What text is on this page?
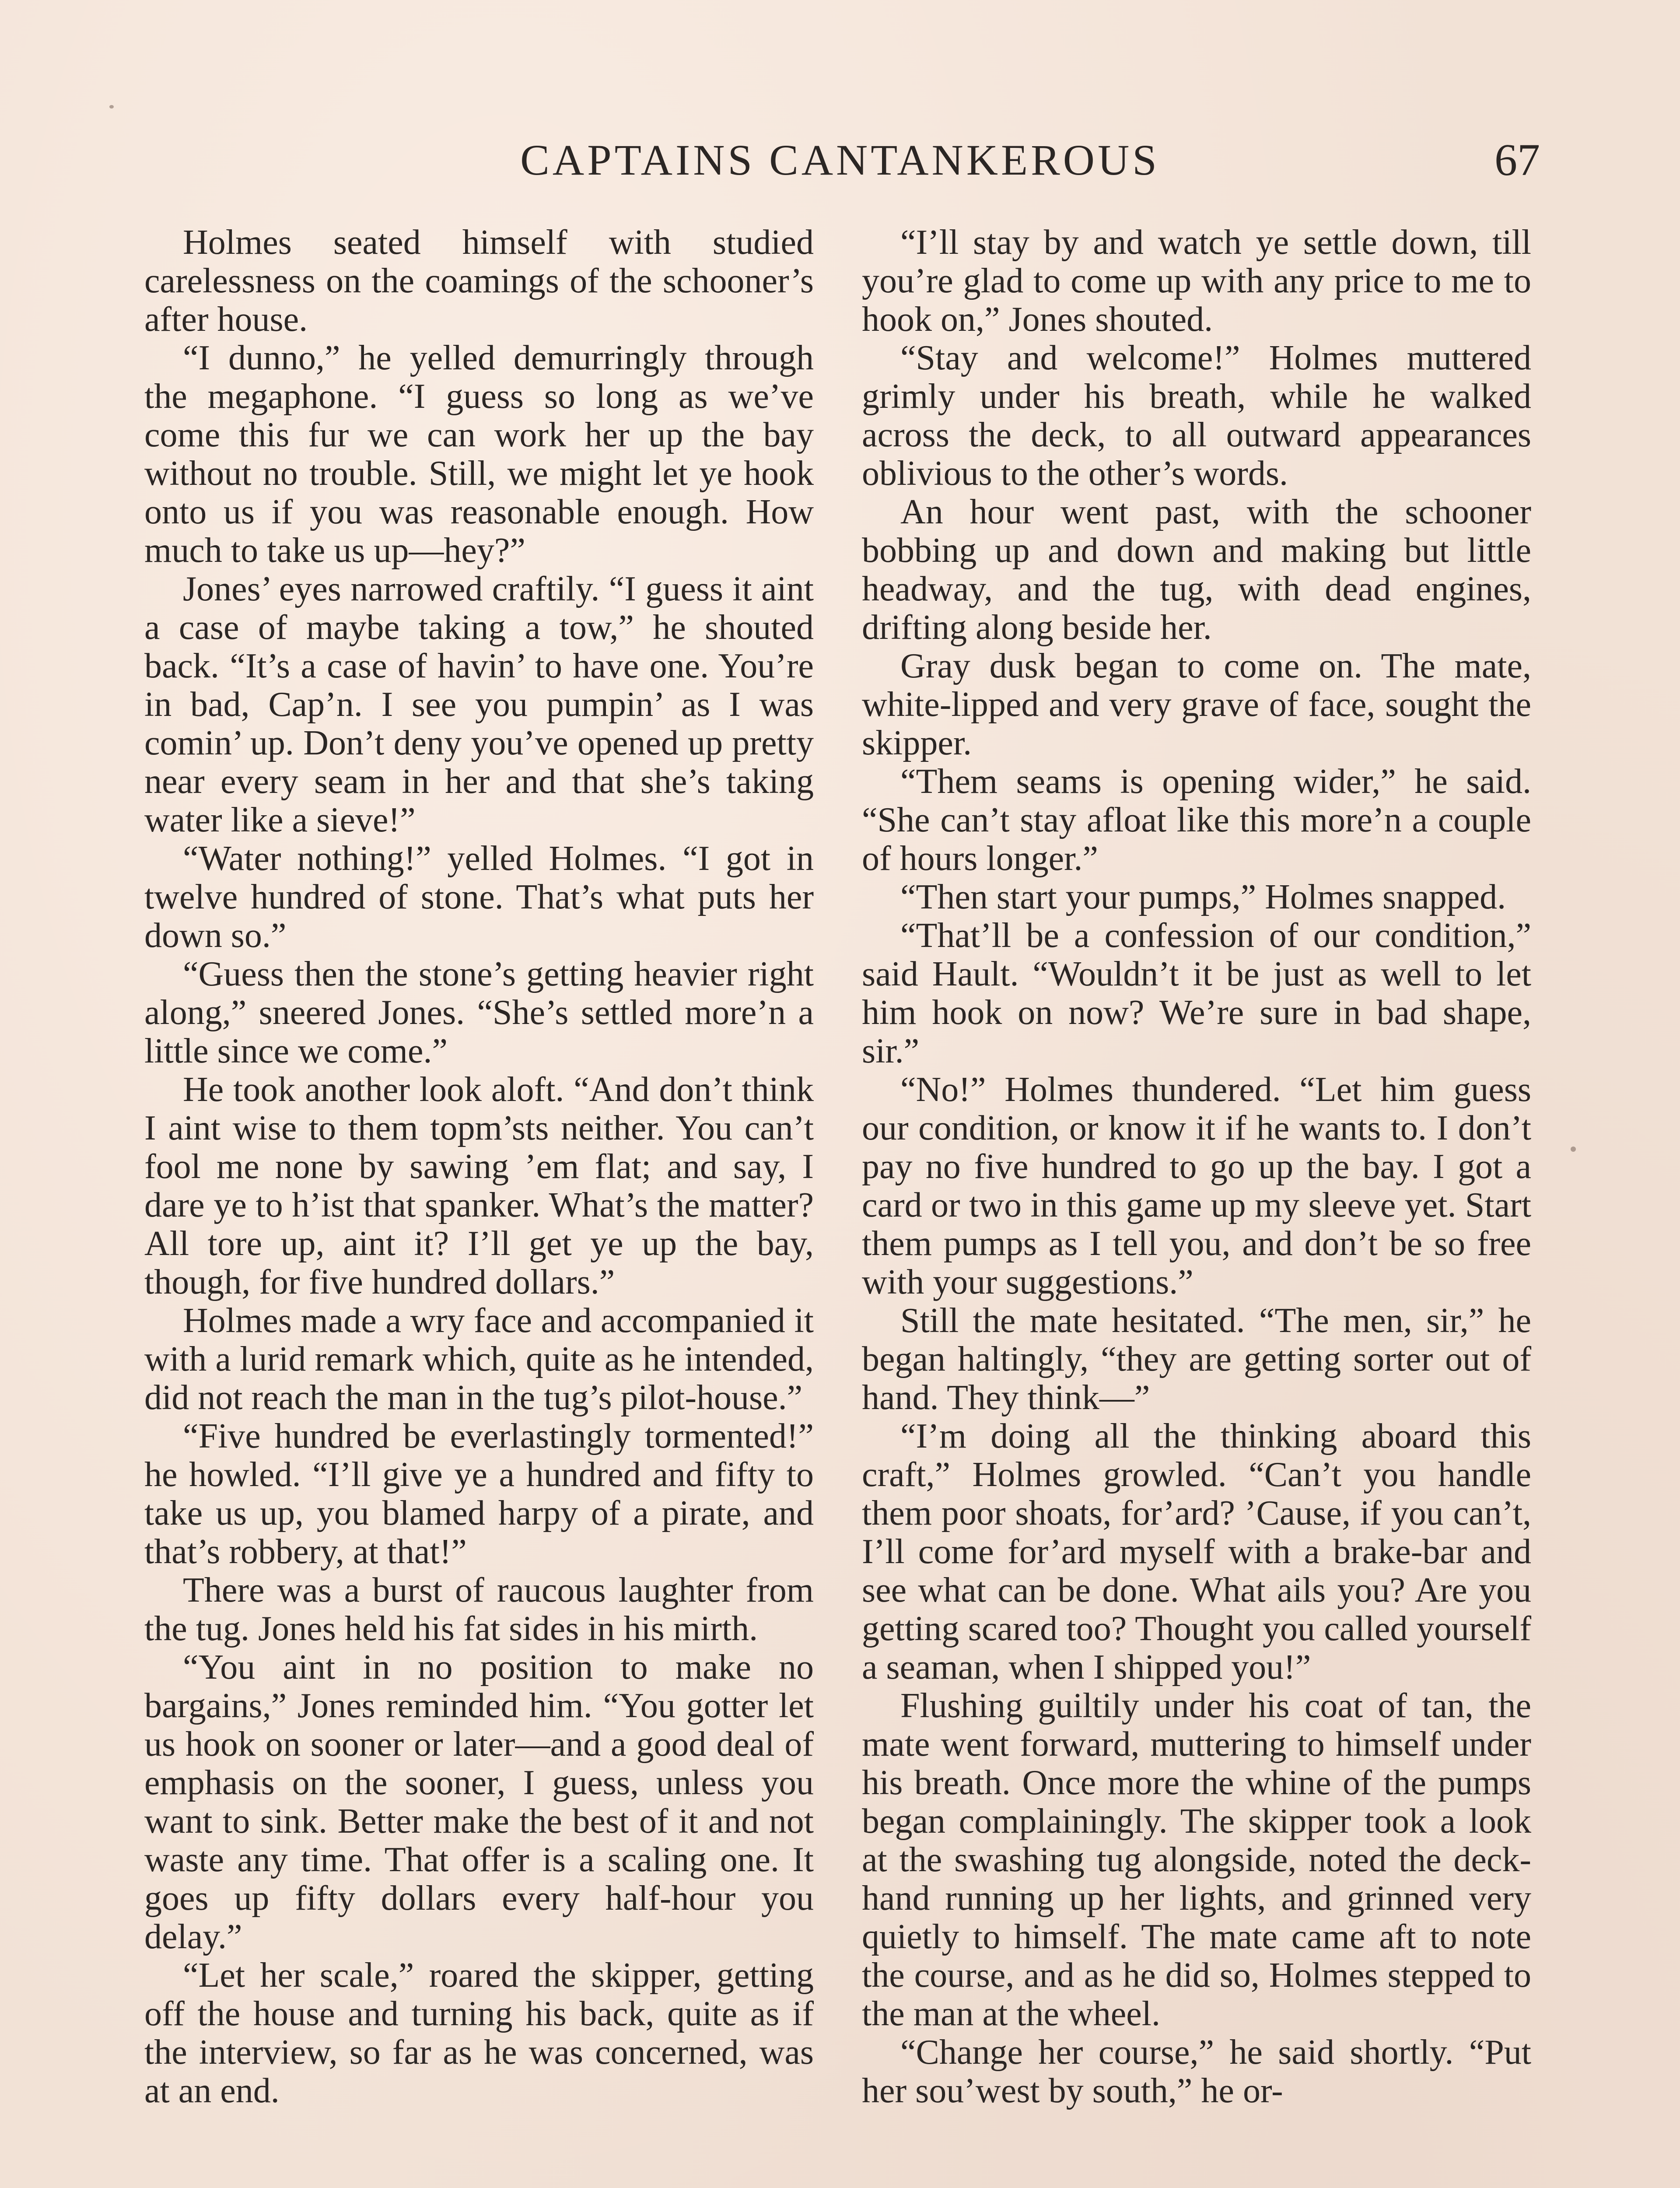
CAPTAINS CANTANKEROUS	67

Holmes seated himself with studied carelessness on the coamings of the schooner’s after house.

“I dunno,” he yelled demurringly through the megaphone. “I guess so long as we’ve come this fur we can work her up the bay without no trouble. Still, we might let ye hook onto us if you was reasonable enough. How much to take us up—hey?”

Jones’ eyes narrowed craftily. “I guess it aint a case of maybe taking a tow,” he shouted back. “It’s a case of havin’ to have one. You’re in bad, Cap’n. I see you pumpin’ as I was comin’ up. Don’t deny you’ve opened up pretty near every seam in her and that she’s taking water like a sieve!”

“Water nothing!” yelled Holmes. “I got in twelve hundred of stone. That’s what puts her down so.”

“Guess then the stone’s getting heavier right along,” sneered Jones. “She’s settled more’n a little since we come.”

He took another look aloft. “And don’t think I aint wise to them topm’sts neither. You can’t fool me none by sawing ’em flat; and say, I dare ye to h’ist that spanker. What’s the matter? All tore up, aint it? I’ll get ye up the bay, though, for five hundred dollars.”

Holmes made a wry face and accompanied it with a lurid remark which, quite as he intended, did not reach the man in the tug’s pilot-house.”

“Five hundred be everlastingly tormented!” he howled. “I’ll give ye a hundred and fifty to take us up, you blamed harpy of a pirate, and that’s robbery, at that!”

There was a burst of raucous laughter from the tug. Jones held his fat sides in his mirth.

“You aint in no position to make no bargains,” Jones reminded him. “You gotter let us hook on sooner or later—and a good deal of emphasis on the sooner, I guess, unless you want to sink. Better make the best of it and not waste any time. That offer is a scaling one. It goes up fifty dollars every half-hour you delay.”

“Let her scale,” roared the skipper, getting off the house and turning his back, quite as if the interview, so far as he was concerned, was at an end.

“I’ll stay by and watch ye settle down, till you’re glad to come up with any price to me to hook on,” Jones shouted.

“Stay and welcome!” Holmes muttered grimly under his breath, while he walked across the deck, to all outward appearances oblivious to the other’s words.

An hour went past, with the schooner bobbing up and down and making but little headway, and the tug, with dead engines, drifting along beside her.

Gray dusk began to come on. The mate, white-lipped and very grave of face, sought the skipper.

“Them seams is opening wider,” he said. “She can’t stay afloat like this more’n a couple of hours longer.”

“Then start your pumps,” Holmes snapped.

“That’ll be a confession of our condition,” said Hault. “Wouldn’t it be just as well to let him hook on now? We’re sure in bad shape, sir.”

“No!” Holmes thundered. “Let him guess our condition, or know it if he wants to. I don’t pay no five hundred to go up the bay. I got a card or two in this game up my sleeve yet. Start them pumps as I tell you, and don’t be so free with your suggestions.”

Still the mate hesitated. “The men, sir,” he began haltingly, “they are getting sorter out of hand. They think—”

“I’m doing all the thinking aboard this craft,” Holmes growled. “Can’t you handle them poor shoats, for’ard? ’Cause, if you can’t, I’ll come for’ard myself with a brake-bar and see what can be done. What ails you? Are you getting scared too? Thought you called yourself a seaman, when I shipped you!”

Flushing guiltily under his coat of tan, the mate went forward, muttering to himself under his breath. Once more the whine of the pumps began complainingly. The skipper took a look at the swashing tug alongside, noted the deck-hand running up her lights, and grinned very quietly to himself. The mate came aft to note the course, and as he did so, Holmes stepped to the man at the wheel.

“Change her course,” he said shortly. “Put her sou’west by south,” he or-
